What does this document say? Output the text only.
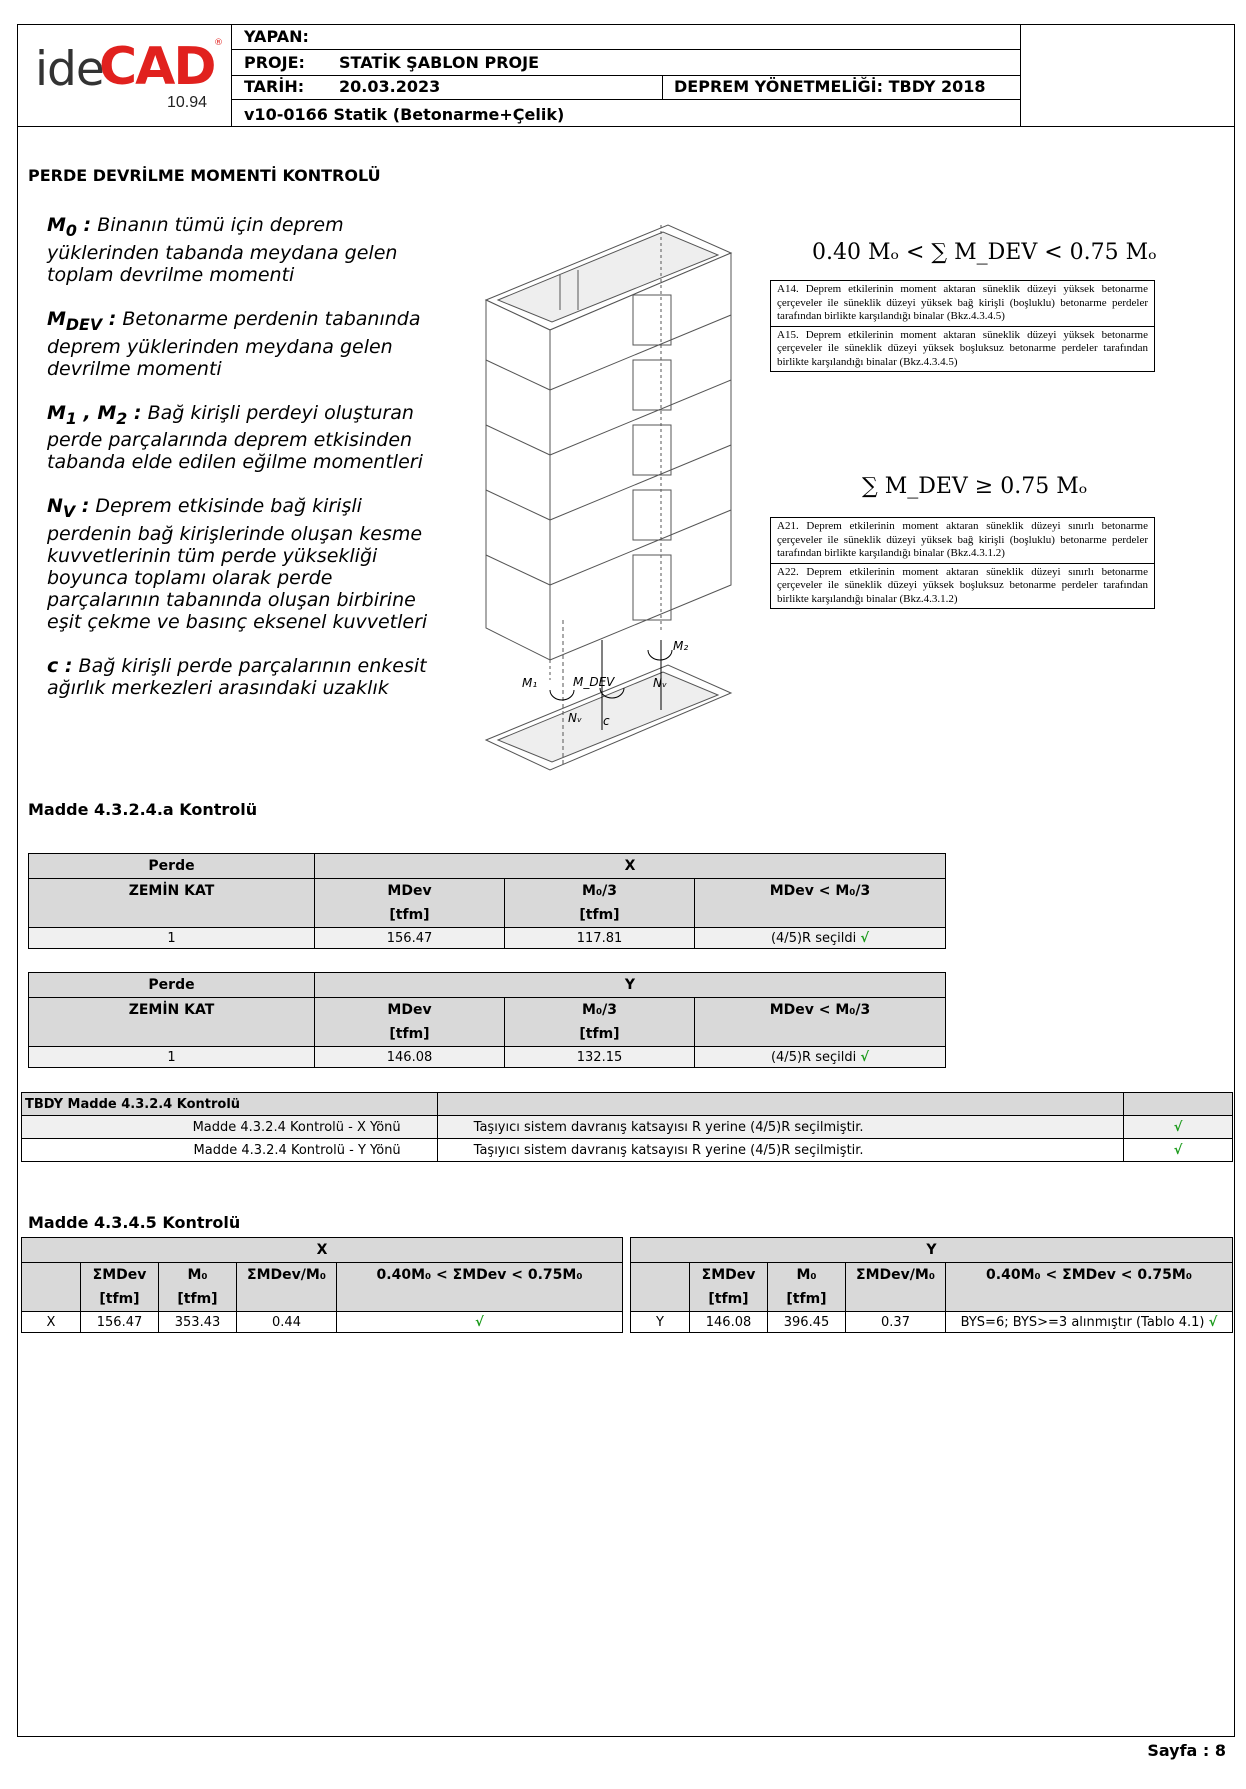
ide
CAD ®
10.94
YAPAN:
PROJE: STATİK ŞABLON PROJE
TARİH: 20.03.2023	DEPREM YÖNETMELİĞİ: TBDY 2018
v10-0166 Statik (Betonarme+Çelik)
PERDE DEVRİLME MOMENTİ KONTROLÜ

$M_0$ : Binanın tümü için deprem yüklerinden tabanda meydana gelen toplam devrilme momenti

$M_{DEV}$ : Betonarme perdenin tabanında deprem yüklerinden meydana gelen devrilme momenti

$M_1$ , $M_2$ : Bağ kirişli perdeyi oluşturan perde parçalarında deprem etkisinden tabanda elde edilen eğilme momentleri

$N_V$ : Deprem etkisinde bağ kirişli perdenin bağ kirişlerinde oluşan kesme kuvvetlerinin tüm perde yüksekliği boyunca toplamı olarak perde parçalarının tabanında oluşan birbirine eşit çekme ve basınç eksenel kuvvetleri

c : Bağ kirişli perde parçalarının enkesit ağırlık merkezleri arasındaki uzaklık	M₁	M_DEV	Nᵥ
M₂
c
Nᵥ
0.40 Mₒ < ∑ M_DEV < 0.75 Mₒ
A14. Deprem etkilerinin moment aktaran süneklik düzeyi yüksek betonarme çerçeveler ile süneklik düzeyi yüksek bağ kirişli (boşluklu) betonarme perdeler tarafından birlikte karşılandığı binalar (Bkz.4.3.4.5)
A15. Deprem etkilerinin moment aktaran süneklik düzeyi yüksek betonarme çerçeveler ile süneklik düzeyi yüksek boşluksuz betonarme perdeler tarafından birlikte karşılandığı binalar (Bkz.4.3.4.5)
∑ M_DEV ≥ 0.75 Mₒ
A21. Deprem etkilerinin moment aktaran süneklik düzeyi sınırlı betonarme çerçeveler ile süneklik düzeyi yüksek bağ kirişli (boşluklu) betonarme perdeler tarafından birlikte karşılandığı binalar (Bkz.4.3.1.2)
A22. Deprem etkilerinin moment aktaran süneklik düzeyi sınırlı betonarme çerçeveler ile süneklik düzeyi yüksek boşluksuz betonarme perdeler tarafından birlikte karşılandığı binalar (Bkz.4.3.1.2)
Madde 4.3.2.4.a Kontrolü
Perde	X		
ZEMİN KAT	MDev	M₀/3	MDev < M₀/3
	[tfm]	[tfm]	
1	156.47	117.81	(4/5)R seçildi √
Perde	Y		
ZEMİN KAT	MDev	M₀/3	MDev < M₀/3
	[tfm]	[tfm]	
1	146.08	132.15	(4/5)R seçildi √
TBDY Madde 4.3.2.4 Kontrolü		
Madde 4.3.2.4 Kontrolü - X Yönü	Taşıyıcı sistem davranış katsayısı R yerine (4/5)R seçilmiştir.	√
Madde 4.3.2.4 Kontrolü - Y Yönü	Taşıyıcı sistem davranış katsayısı R yerine (4/5)R seçilmiştir.	√
Madde 4.3.4.5 Kontrolü
X				
	ΣMDev	M₀	ΣMDev/M₀	0.40M₀ < ΣMDev < 0.75M₀
	[tfm]	[tfm]		
X	156.47	353.43	0.44	√
Y				
	ΣMDev	M₀	ΣMDev/M₀	0.40M₀ < ΣMDev < 0.75M₀
	[tfm]	[tfm]		
Y	146.08	396.45	0.37	BYS=6; BYS>=3 alınmıştır (Tablo 4.1) √
Sayfa : 8
